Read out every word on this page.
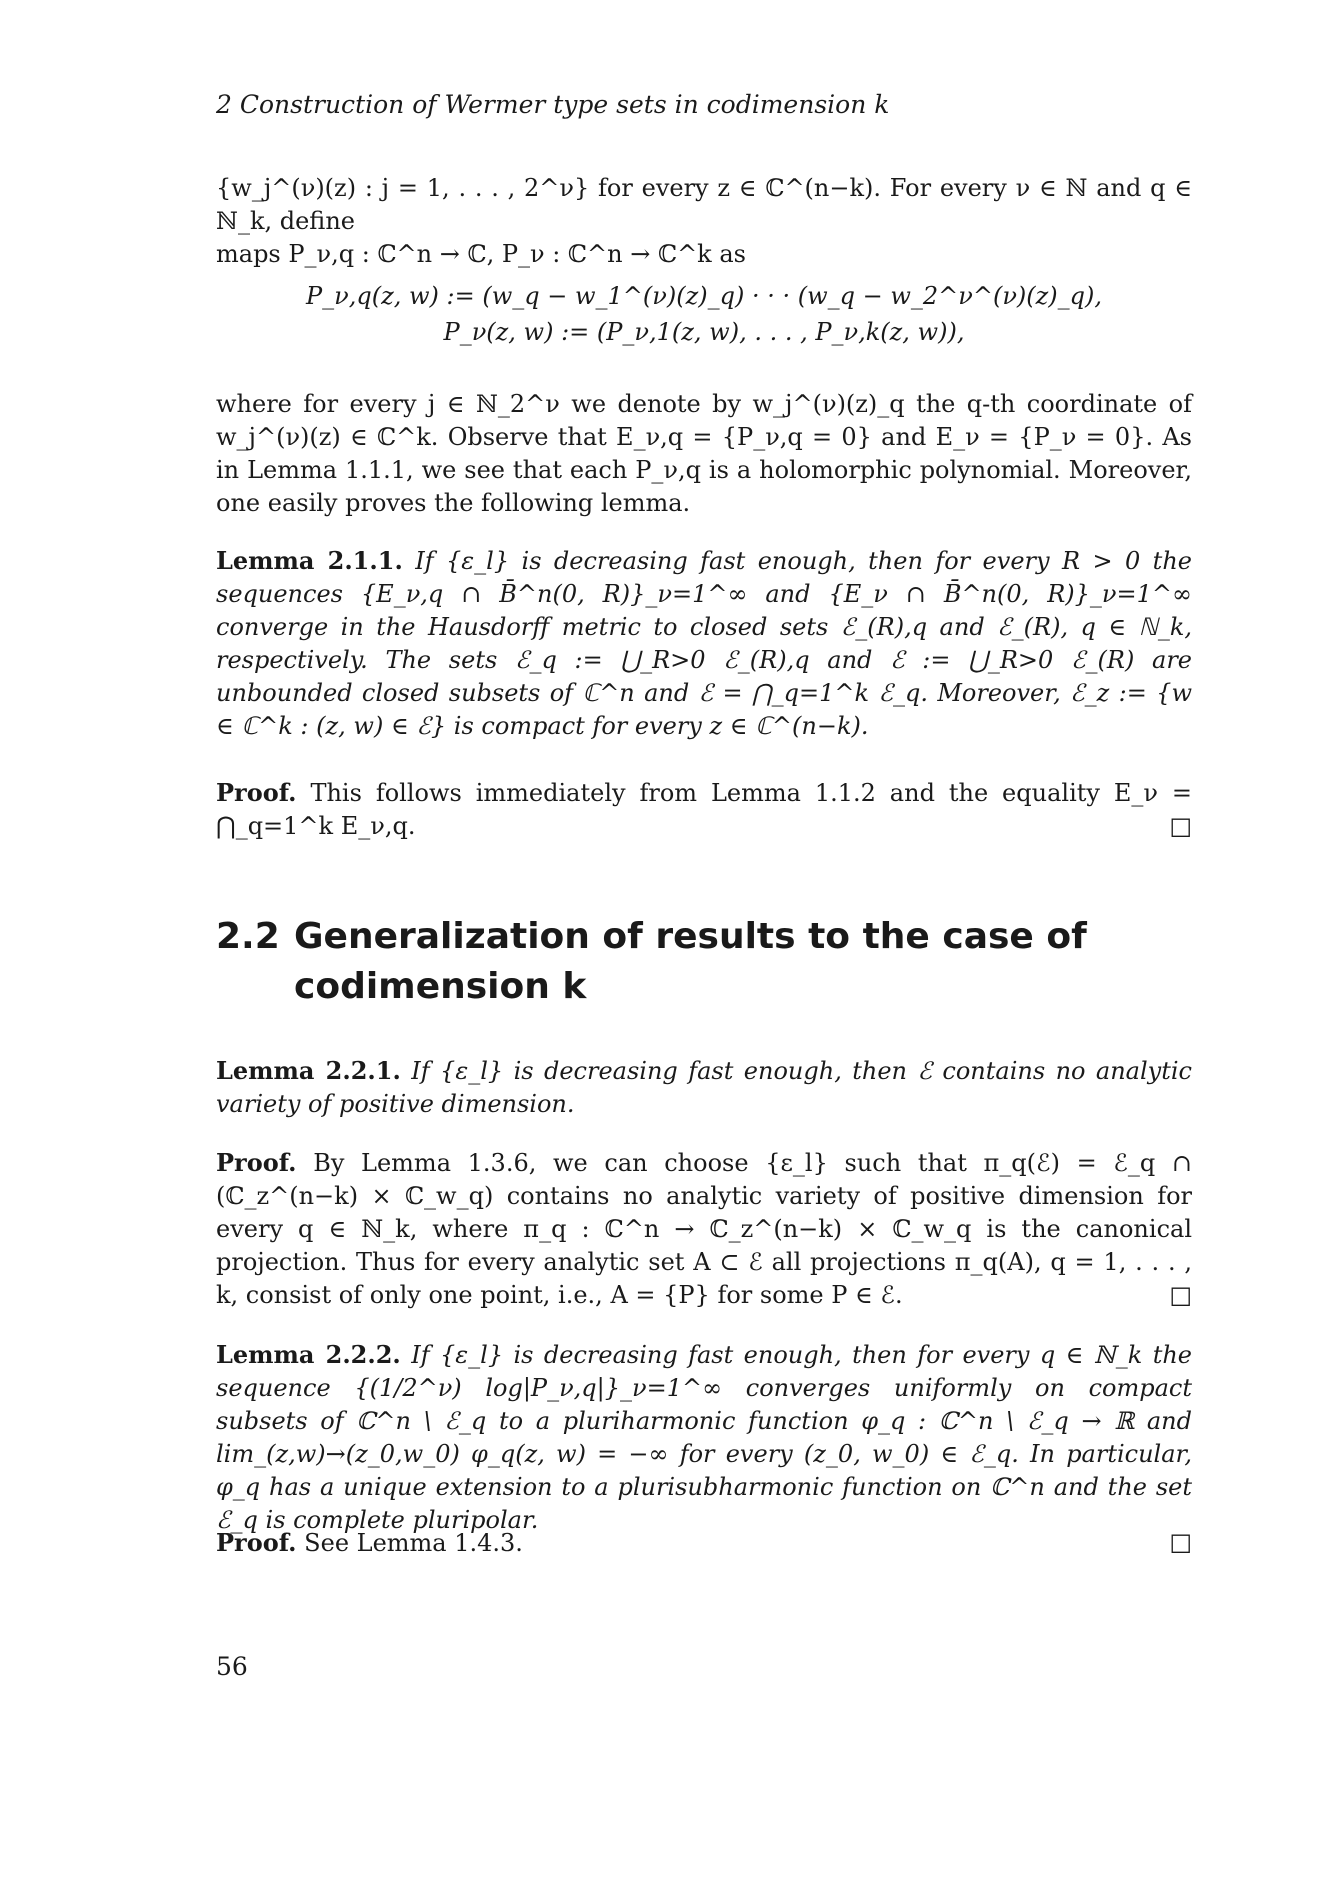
2 Construction of Wermer type sets in codimension k

{w_j^(ν)(z) : j = 1, . . . , 2^ν} for every z ∈ ℂ^(n−k). For every ν ∈ ℕ and q ∈ ℕ_k, define

maps P_ν,q : ℂ^n → ℂ, P_ν : ℂ^n → ℂ^k as

P_ν,q(z, w) := (w_q − w_1^(ν)(z)_q) · · · (w_q − w_2^ν^(ν)(z)_q),
P_ν(z, w) := (P_ν,1(z, w), . . . , P_ν,k(z, w)),

where for every j ∈ ℕ_2^ν we denote by w_j^(ν)(z)_q the q-th coordinate of w_j^(ν)(z) ∈ ℂ^k. Observe that E_ν,q = {P_ν,q = 0} and E_ν = {P_ν = 0}. As in Lemma 1.1.1, we see that each P_ν,q is a holomorphic polynomial. Moreover, one easily proves the following lemma.

Lemma 2.1.1. If {ε_l} is decreasing fast enough, then for every R > 0 the sequences {E_ν,q ∩ B̄^n(0, R)}_ν=1^∞ and {E_ν ∩ B̄^n(0, R)}_ν=1^∞ converge in the Hausdorff metric to closed sets ℰ_(R),q and ℰ_(R), q ∈ ℕ_k, respectively. The sets ℰ_q := ⋃_R>0 ℰ_(R),q and ℰ := ⋃_R>0 ℰ_(R) are unbounded closed subsets of ℂ^n and ℰ = ⋂_q=1^k ℰ_q. Moreover, ℰ_z := {w ∈ ℂ^k : (z, w) ∈ ℰ} is compact for every z ∈ ℂ^(n−k).

Proof. This follows immediately from Lemma 1.1.2 and the equality E_ν = ⋂_q=1^k E_ν,q.	□

2.2 Generalization of results to the case of codimension k

Lemma 2.2.1. If {ε_l} is decreasing fast enough, then ℰ contains no analytic variety of positive dimension.

Proof. By Lemma 1.3.6, we can choose {ε_l} such that π_q(ℰ) = ℰ_q ∩ (ℂ_z^(n−k) × ℂ_w_q) contains no analytic variety of positive dimension for every q ∈ ℕ_k, where π_q : ℂ^n → ℂ_z^(n−k) × ℂ_w_q is the canonical projection. Thus for every analytic set A ⊂ ℰ all projections π_q(A), q = 1, . . . , k, consist of only one point, i.e., A = {P} for some P ∈ ℰ.	□

Lemma 2.2.2. If {ε_l} is decreasing fast enough, then for every q ∈ ℕ_k the sequence {(1/2^ν) log|P_ν,q|}_ν=1^∞ converges uniformly on compact subsets of ℂ^n \ ℰ_q to a pluriharmonic function φ_q : ℂ^n \ ℰ_q → ℝ and lim_(z,w)→(z_0,w_0) φ_q(z, w) = −∞ for every (z_0, w_0) ∈ ℰ_q. In particular, φ_q has a unique extension to a plurisubharmonic function on ℂ^n and the set ℰ_q is complete pluripolar.

Proof. See Lemma 1.4.3.	□

56
